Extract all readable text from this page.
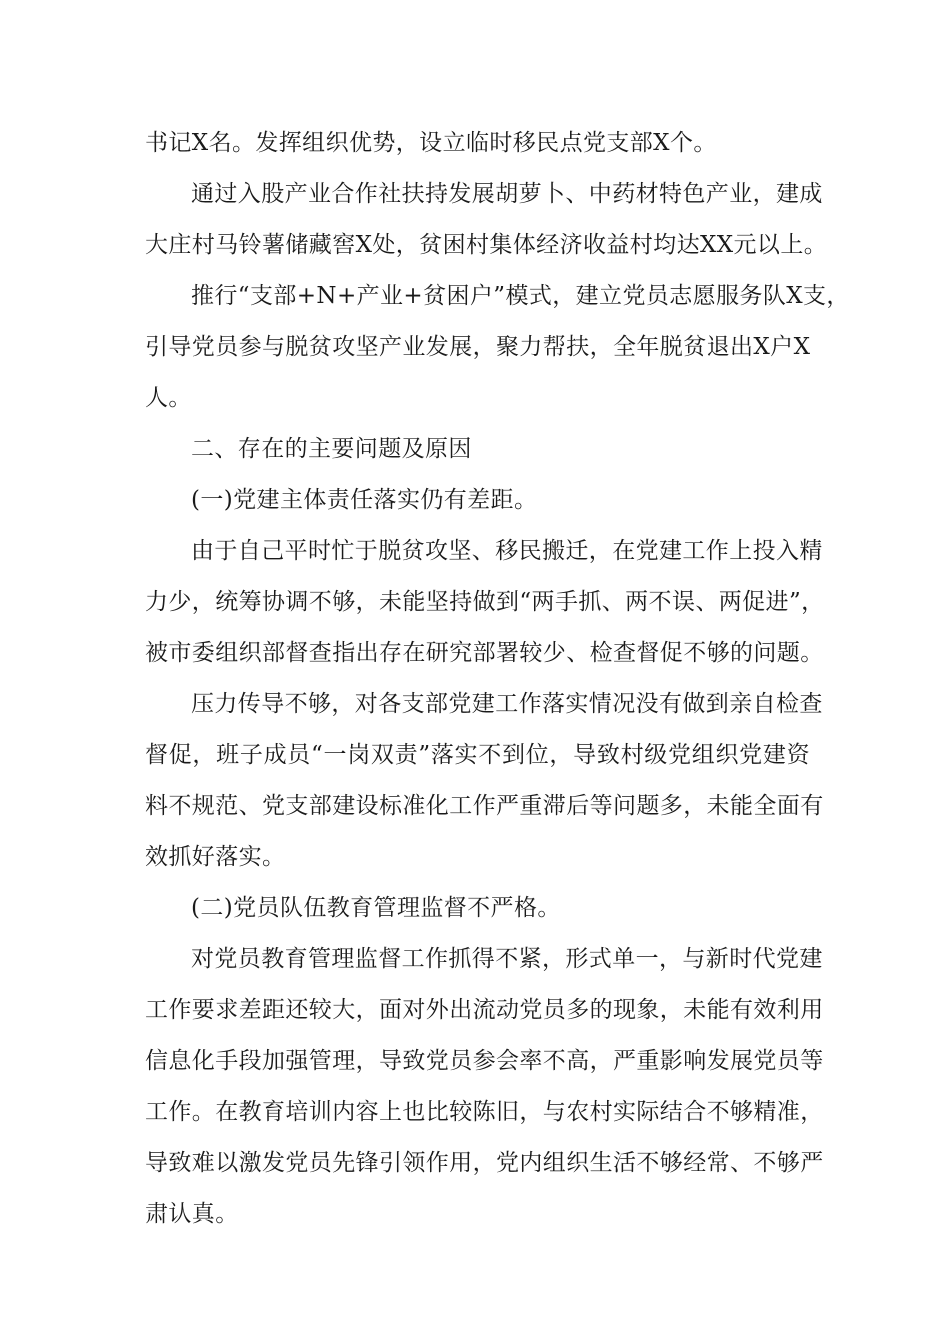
书记X名。发挥组织优势，设立临时移民点党支部X个。
通过入股产业合作社扶持发展胡萝卜、中药材特色产业，建成
大庄村马铃薯储藏窖X处，贫困村集体经济收益村均达XX元以上。
推行“支部+N+产业+贫困户”模式，建立党员志愿服务队X支，
引导党员参与脱贫攻坚产业发展，聚力帮扶，全年脱贫退出X户X
人。
二、存在的主要问题及原因
(一)党建主体责任落实仍有差距。
由于自己平时忙于脱贫攻坚、移民搬迁，在党建工作上投入精
力少，统筹协调不够，未能坚持做到“两手抓、两不误、两促进”，
被市委组织部督查指出存在研究部署较少、检查督促不够的问题。
压力传导不够，对各支部党建工作落实情况没有做到亲自检查
督促，班子成员“一岗双责”落实不到位，导致村级党组织党建资
料不规范、党支部建设标准化工作严重滞后等问题多，未能全面有
效抓好落实。
(二)党员队伍教育管理监督不严格。
对党员教育管理监督工作抓得不紧，形式单一，与新时代党建
工作要求差距还较大，面对外出流动党员多的现象，未能有效利用
信息化手段加强管理，导致党员参会率不高，严重影响发展党员等
工作。在教育培训内容上也比较陈旧，与农村实际结合不够精准，
导致难以激发党员先锋引领作用，党内组织生活不够经常、不够严
肃认真。
